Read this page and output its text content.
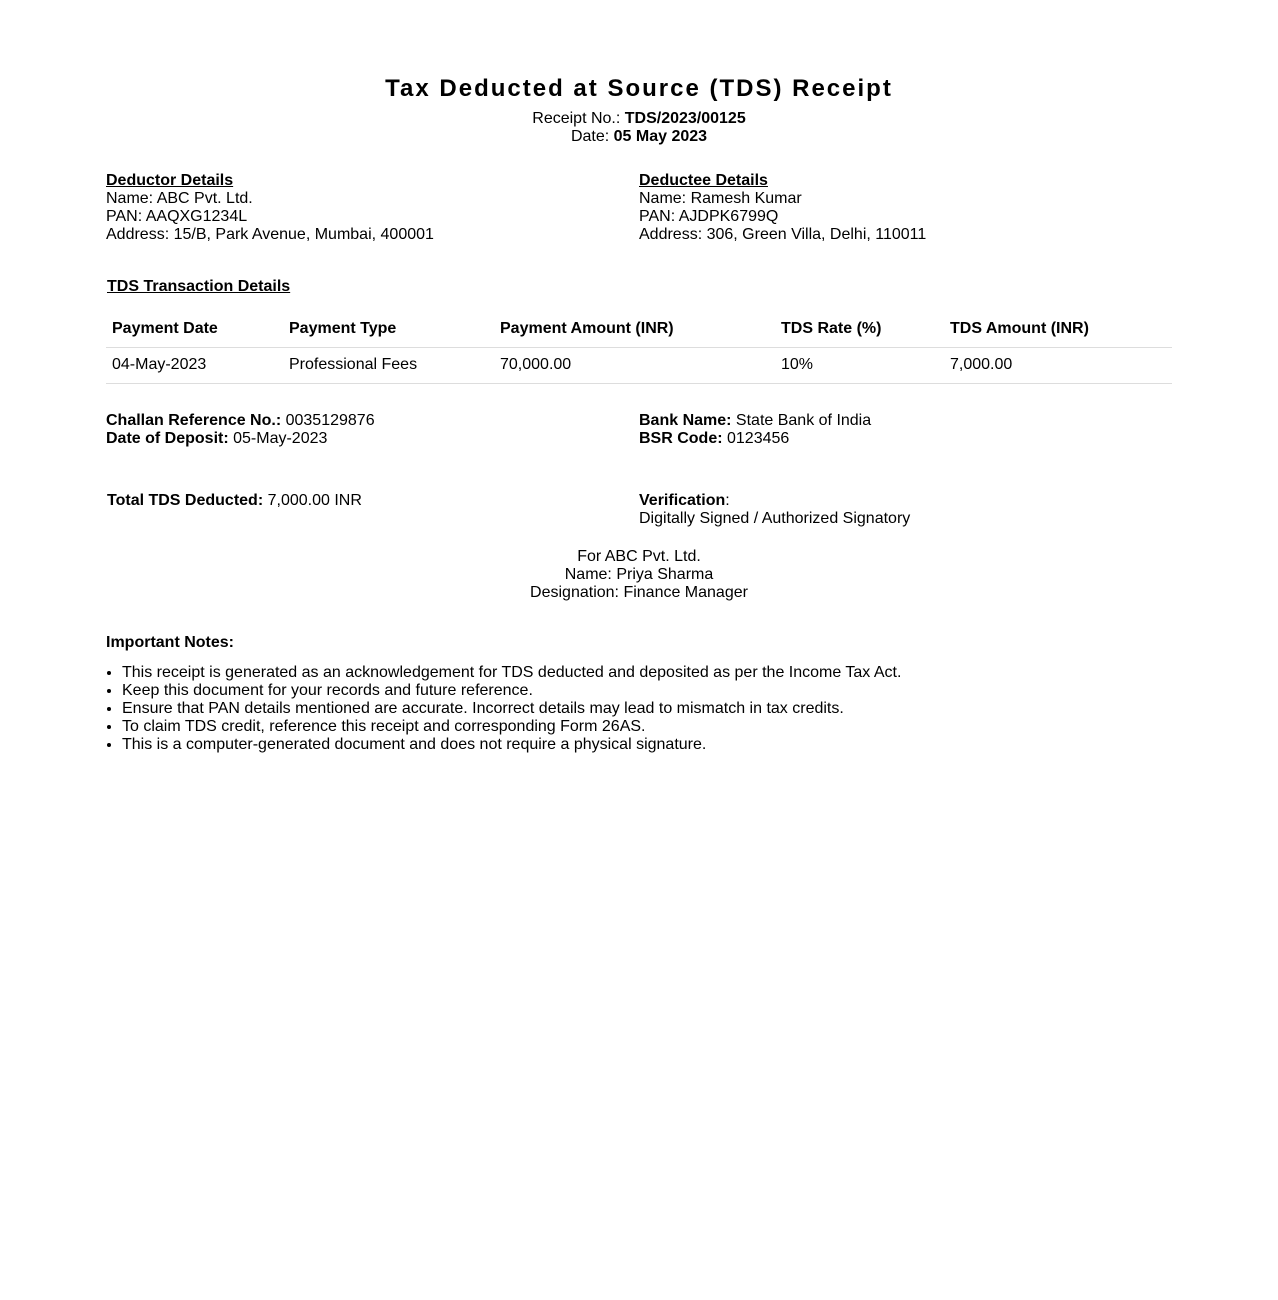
Tax Deducted at Source (TDS) Receipt
Receipt No.: TDS/2023/00125
Date: 05 May 2023
Deductor Details
Name: ABC Pvt. Ltd.
PAN: AAQXG1234L
Address: 15/B, Park Avenue, Mumbai, 400001
Deductee Details
Name: Ramesh Kumar
PAN: AJDPK6799Q
Address: 306, Green Villa, Delhi, 110011
TDS Transaction Details
Payment Date	Payment Type	Payment Amount (INR)	TDS Rate (%)	TDS Amount (INR)
04-May-2023	Professional Fees	70,000.00	10%	7,000.00
Challan Reference No.: 0035129876
Date of Deposit: 05-May-2023
Bank Name: State Bank of India
BSR Code: 0123456
Total TDS Deducted: 7,000.00 INR	Verification:
Digitally Signed / Authorized Signatory
For ABC Pvt. Ltd.
Name: Priya Sharma
Designation: Finance Manager
Important Notes:
• This receipt is generated as an acknowledgement for TDS deducted and deposited as per the Income Tax Act.
• Keep this document for your records and future reference.
• Ensure that PAN details mentioned are accurate. Incorrect details may lead to mismatch in tax credits.
• To claim TDS credit, reference this receipt and corresponding Form 26AS.
• This is a computer-generated document and does not require a physical signature.
